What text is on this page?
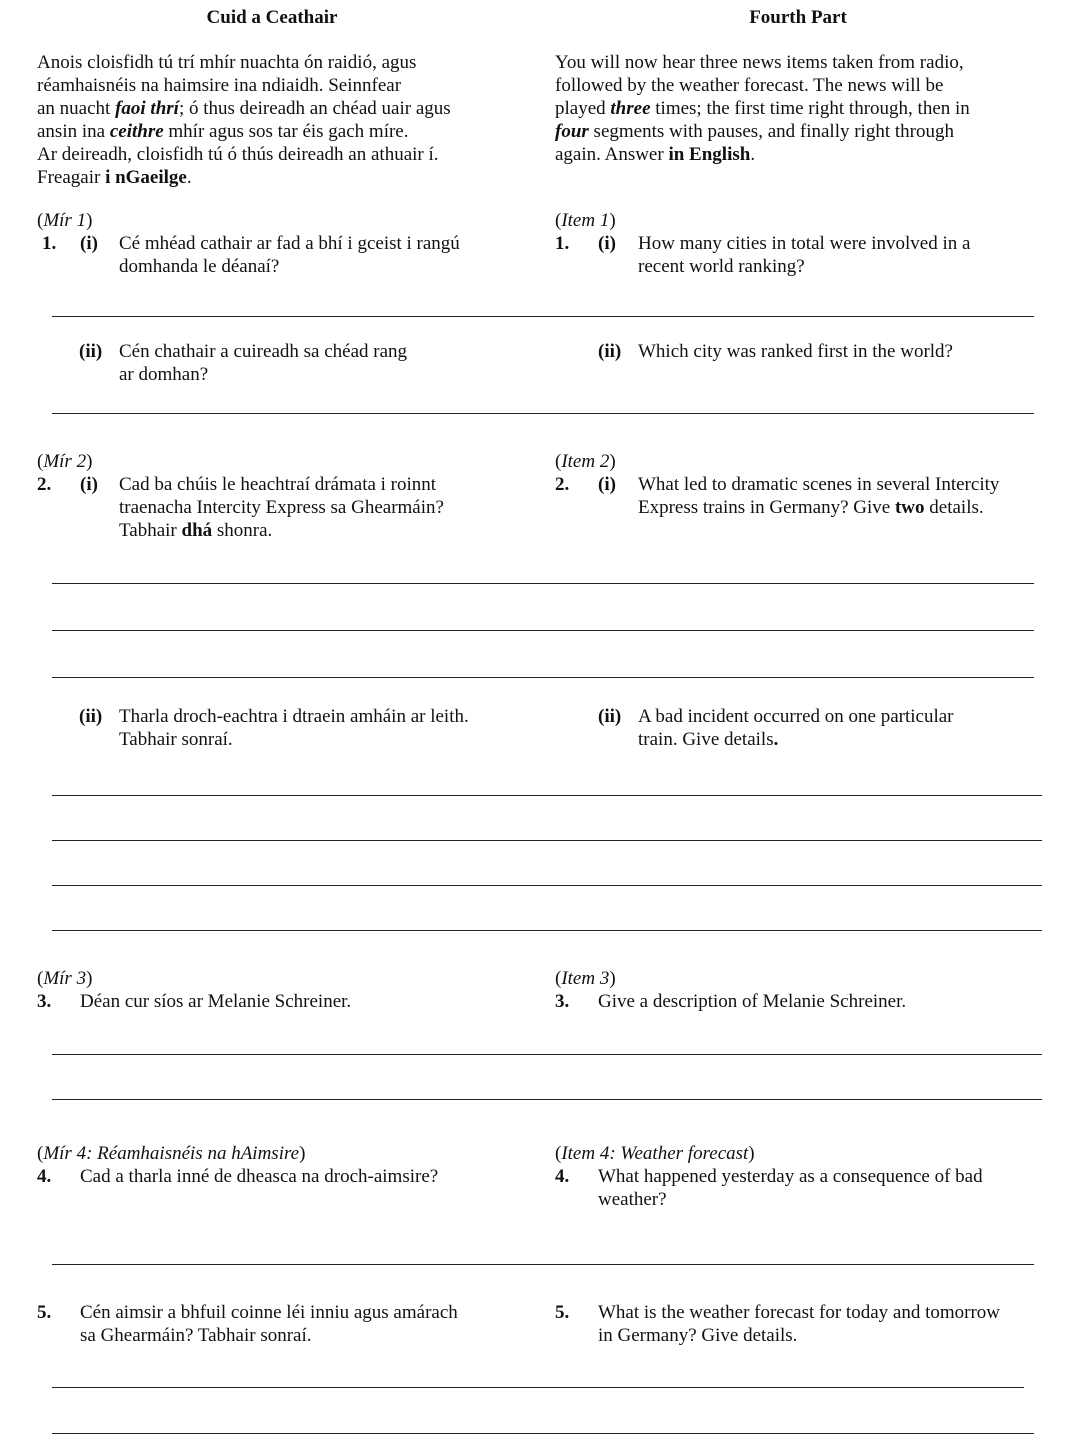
Cuid a Ceathair	Fourth Part
Anois cloisfidh tú trí mhír nuachta ón raidió, agus
réamhaisnéis na haimsire ina ndiaidh. Seinnfear
an nuacht faoi thrí; ó thus deireadh an chéad uair agus
ansin ina ceithre mhír agus sos tar éis gach míre.
Ar deireadh, cloisfidh tú ó thús deireadh an athuair í.
Freagair i nGaeilge.
You will now hear three news items taken from radio,
followed by the weather forecast. The news will be
played three times; the first time right through, then in
four segments with pauses, and finally right through
again. Answer in English.
(Mír 1)	(Item 1)
1. (i) Cé mhéad cathair ar fad a bhí i gceist i rangú
domhanda le déanaí?
1. (i) How many cities in total were involved in a
recent world ranking?
(ii) Cén chathair a cuireadh sa chéad rang
ar domhan?
(ii) Which city was ranked first in the world?
(Mír 2)	(Item 2)
2. (i) Cad ba chúis le heachtraí drámata i roinnt
traenacha Intercity Express sa Ghearmáin?
Tabhair dhá shonra.
2. (i) What led to dramatic scenes in several Intercity
Express trains in Germany? Give two details.
(ii) Tharla droch-eachtra i dtraein amháin ar leith.
Tabhair sonraí.
(ii) A bad incident occurred on one particular
train. Give details.
(Mír 3)	(Item 3)
3. Déan cur síos ar Melanie Schreiner.	3. Give a description of Melanie Schreiner.
(Mír 4: Réamhaisnéis na hAimsire)	(Item 4: Weather forecast)
4. Cad a tharla inné de dheasca na droch-aimsire?	4. What happened yesterday as a consequence of bad
weather?
5. Cén aimsir a bhfuil coinne léi inniu agus amárach
sa Ghearmáin? Tabhair sonraí.
5. What is the weather forecast for today and tomorrow
in Germany? Give details.
